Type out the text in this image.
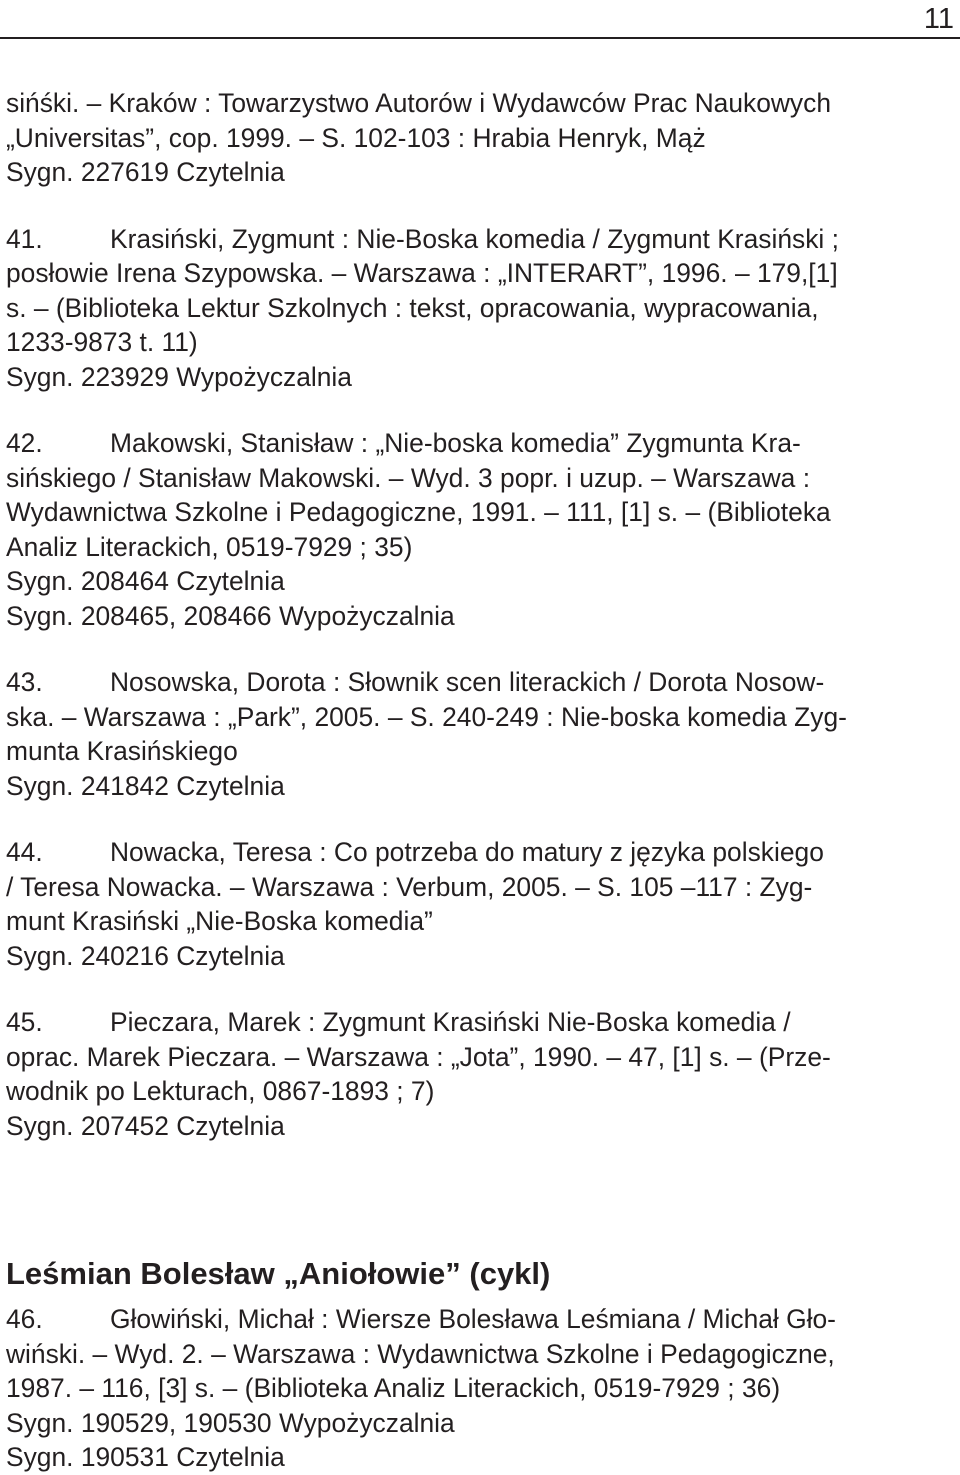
11
sińśki. – Kraków : Towarzystwo Autorów i Wydawców Prac Naukowych
„Universitas”, cop. 1999. – S. 102-103 : Hrabia Henryk, Mąż
Sygn. 227619 Czytelnia
41.	Krasiński, Zygmunt : Nie-Boska komedia / Zygmunt Krasiński ;
posłowie Irena Szypowska. – Warszawa : „INTERART”, 1996. – 179,[1]
s. – (Biblioteka Lektur Szkolnych : tekst, opracowania, wypracowania,
1233-9873 t. 11)
Sygn. 223929 Wypożyczalnia
42.	Makowski, Stanisław : „Nie-boska komedia” Zygmunta Kra-
sińskiego / Stanisław Makowski. – Wyd. 3 popr. i uzup. – Warszawa :
Wydawnictwa Szkolne i Pedagogiczne, 1991. – 111, [1] s. – (Biblioteka
Analiz Literackich, 0519-7929 ; 35)
Sygn. 208464 Czytelnia
Sygn. 208465, 208466 Wypożyczalnia
43.	Nosowska, Dorota : Słownik scen literackich / Dorota Nosow-
ska. – Warszawa : „Park”, 2005. – S. 240-249 : Nie-boska komedia Zyg-
munta Krasińskiego
Sygn. 241842 Czytelnia
44.	Nowacka, Teresa : Co potrzeba do matury z języka polskiego
/ Teresa Nowacka. – Warszawa : Verbum, 2005. – S. 105 –117 : Zyg-
munt Krasiński „Nie-Boska komedia”
Sygn. 240216 Czytelnia
45.	Pieczara, Marek : Zygmunt Krasiński Nie-Boska komedia /
oprac. Marek Pieczara. – Warszawa : „Jota”, 1990. – 47, [1] s. – (Prze-
wodnik po Lekturach, 0867-1893 ; 7)
Sygn. 207452 Czytelnia
Leśmian Bolesław „Aniołowie” (cykl)
46.	Głowiński, Michał : Wiersze Bolesława Leśmiana / Michał Gło-
wiński. – Wyd. 2. – Warszawa : Wydawnictwa Szkolne i Pedagogiczne,
1987. – 116, [3] s. – (Biblioteka Analiz Literackich, 0519-7929 ; 36)
Sygn. 190529, 190530 Wypożyczalnia
Sygn. 190531 Czytelnia
